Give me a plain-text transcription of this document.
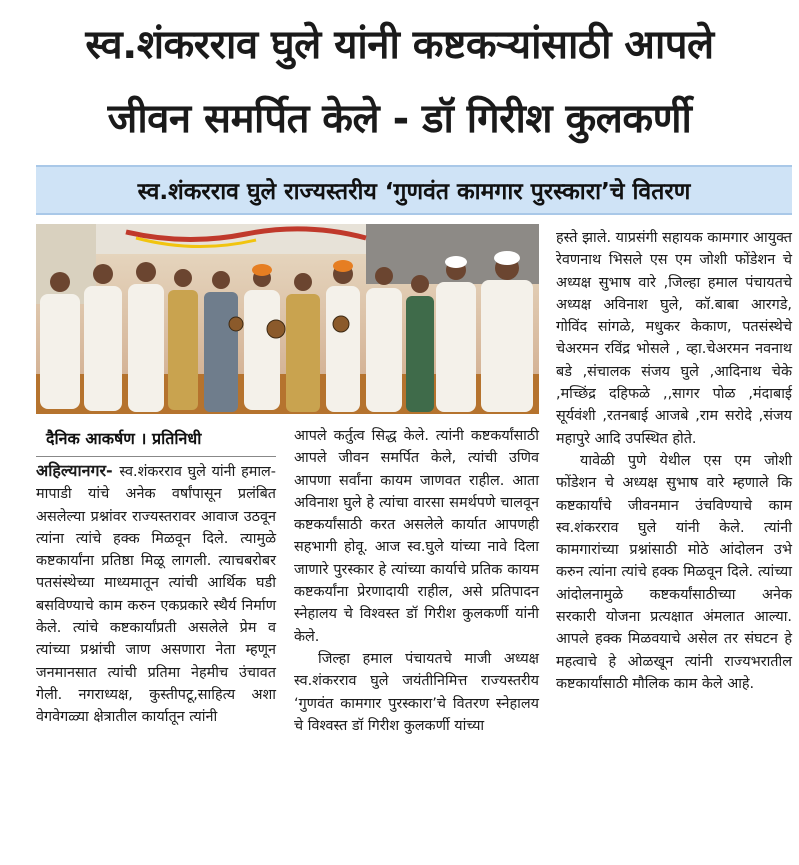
स्व.शंकरराव घुले यांनी कष्टकऱ्यांसाठी आपले
जीवन समर्पित केले - डॉ गिरीश कुलकर्णी
स्व.शंकरराव घुले राज्यस्तरीय ‘गुणवंत कामगार पुरस्कारा’चे वितरण
दैनिक आकर्षण । प्रतिनिधी

अहिल्यानगर- स्व.शंकरराव घुले यांनी हमाल-मापाडी यांचे अनेक वर्षांपासून प्रलंबित असलेल्या प्रश्नांवर राज्यस्तरावर आवाज उठवून त्यांना त्यांचे हक्क मिळवून दिले. त्यामुळे कष्टकार्यांना प्रतिष्ठा मिळू लागली. त्याचबरोबर पतसंस्थेच्या माध्यमातून त्यांची आर्थिक घडी बसविण्याचे काम करुन एकप्रकारे स्थैर्य निर्माण केले. त्यांचे कष्टकार्यांप्रती असलेले प्रेम व त्यांच्या प्रश्नांची जाण असणारा नेता म्हणून जनमानसात त्यांची प्रतिमा नेहमीच उंचावत गेली. नगराध्यक्ष, कुस्तीपटू,साहित्य अशा वेगवेगळ्या क्षेत्रातील कार्यातून त्यांनी

आपले कर्तुत्व सिद्ध केले. त्यांनी कष्टकर्यांसाठी आपले जीवन समर्पित केले, त्यांची उणिव आपणा सर्वांना कायम जाणवत राहील. आता अविनाश घुले हे त्यांचा वारसा समर्थपणे चालवून कष्टकर्यांसाठी करत असलेले कार्यात आपणही सहभागी होवू. आज स्व.घुले यांच्या नावे दिला जाणारे पुरस्कार हे त्यांच्या कार्याचे प्रतिक कायम कष्टकर्यांना प्रेरणादायी राहील, असे प्रतिपादन स्नेहालय चे विश्वस्त डॉ गिरीश कुलकर्णी यांनी केले.

जिल्हा हमाल पंचायतचे माजी अध्यक्ष स्व.शंकरराव घुले जयंतीनिमित्त राज्यस्तरीय ‘गुणवंत कामगार पुरस्कारा’चे वितरण स्नेहालय चे विश्वस्त डॉ गिरीश कुलकर्णी यांच्या

हस्ते झाले. याप्रसंगी सहायक कामगार आयुक्त रेवणनाथ भिसले एस एम जोशी फोंडेशन चे अध्यक्ष सुभाष वारे ,जिल्हा हमाल पंचायतचे अध्यक्ष अविनाश घुले, कॉ.बाबा आरगडे, गोविंद सांगळे, मधुकर केकाण, पतसंस्थेचे चेअरमन रविंद्र भोसले , व्हा.चेअरमन नवनाथ बडे ,संचालक संजय घुले ,आदिनाथ चेके ,मच्छिंद्र दहिफळे ,,सागर पोळ ,मंदाबाई सूर्यवंशी ,रतनबाई आजबे ,राम सरोदे ,संजय महापुरे आदि उपस्थित होते.

यावेळी पुणे येथील एस एम जोशी फोंडेशन चे अध्यक्ष सुभाष वारे म्हणाले कि कष्टकार्यांचे जीवनमान उंचविण्याचे काम स्व.शंकरराव घुले यांनी केले. त्यांनी कामगारांच्या प्रश्नांसाठी मोठे आंदोलन उभे करुन त्यांना त्यांचे हक्क मिळवून दिले. त्यांच्या आंदोलनामुळे कष्टकर्यांसाठीच्या अनेक सरकारी योजना प्रत्यक्षात अंमलात आल्या. आपले हक्क मिळवयाचे असेल तर संघटन हे महत्वाचे हे ओळखून त्यांनी राज्यभरातील कष्टकार्यांसाठी मौलिक काम केले आहे.
